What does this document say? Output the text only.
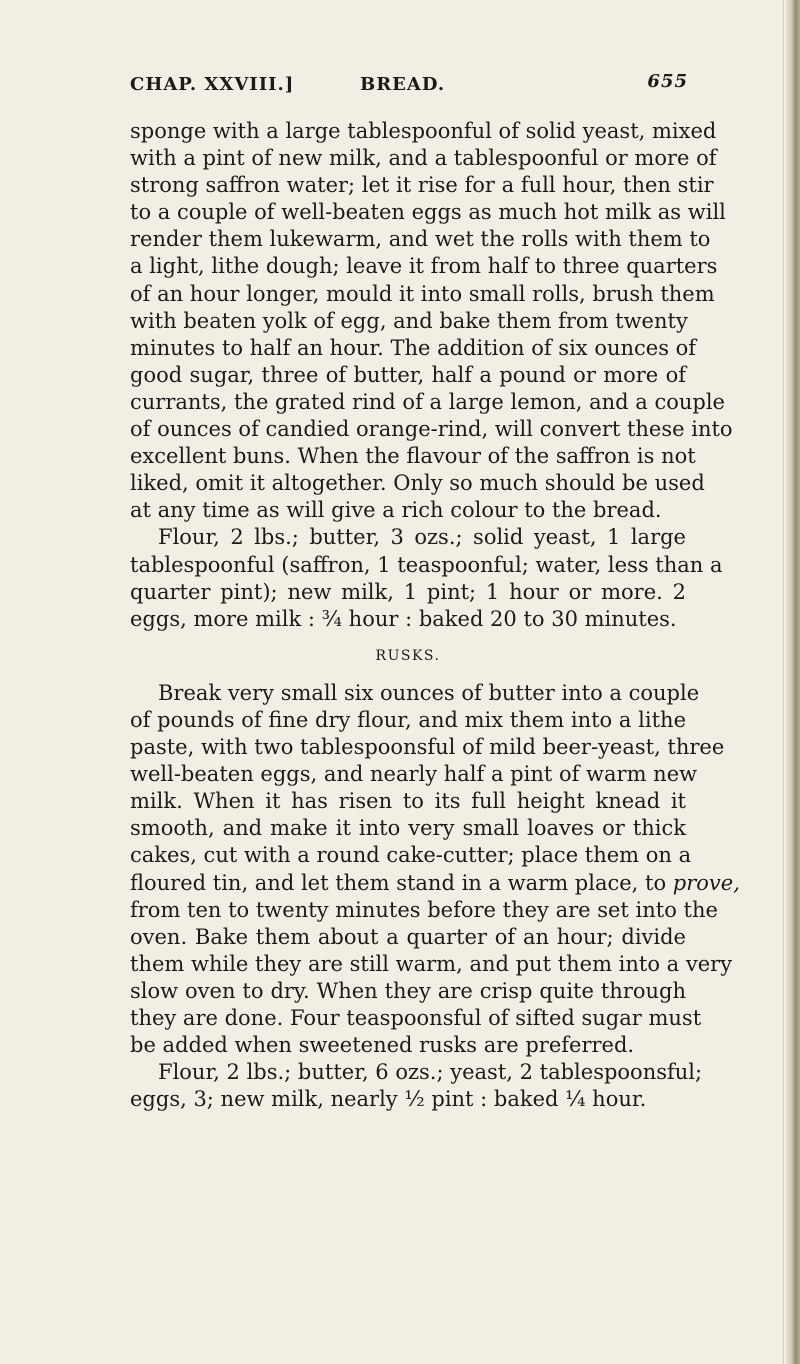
CHAP. XXVIII.]	BREAD.	655
sponge with a large tablespoonful of solid yeast, mixed
with a pint of new milk, and a tablespoonful or more of
strong saffron water; let it rise for a full hour, then stir
to a couple of well-beaten eggs as much hot milk as will
render them lukewarm, and wet the rolls with them to
a light, lithe dough; leave it from half to three quarters
of an hour longer, mould it into small rolls, brush them
with beaten yolk of egg, and bake them from twenty
minutes to half an hour. The addition of six ounces of
good sugar, three of butter, half a pound or more of
currants, the grated rind of a large lemon, and a couple
of ounces of candied orange-rind, will convert these into
excellent buns. When the flavour of the saffron is not
liked, omit it altogether. Only so much should be used
at any time as will give a rich colour to the bread.
Flour, 2 lbs.; butter, 3 ozs.; solid yeast, 1 large
tablespoonful (saffron, 1 teaspoonful; water, less than a
quarter pint); new milk, 1 pint; 1 hour or more. 2
eggs, more milk : ¾ hour : baked 20 to 30 minutes.
RUSKS.
Break very small six ounces of butter into a couple
of pounds of fine dry flour, and mix them into a lithe
paste, with two tablespoonsful of mild beer-yeast, three
well-beaten eggs, and nearly half a pint of warm new
milk. When it has risen to its full height knead it
smooth, and make it into very small loaves or thick
cakes, cut with a round cake-cutter; place them on a
floured tin, and let them stand in a warm place, to prove,
from ten to twenty minutes before they are set into the
oven. Bake them about a quarter of an hour; divide
them while they are still warm, and put them into a very
slow oven to dry. When they are crisp quite through
they are done. Four teaspoonsful of sifted sugar must
be added when sweetened rusks are preferred.
Flour, 2 lbs.; butter, 6 ozs.; yeast, 2 tablespoonsful;
eggs, 3; new milk, nearly ½ pint : baked ¼ hour.
